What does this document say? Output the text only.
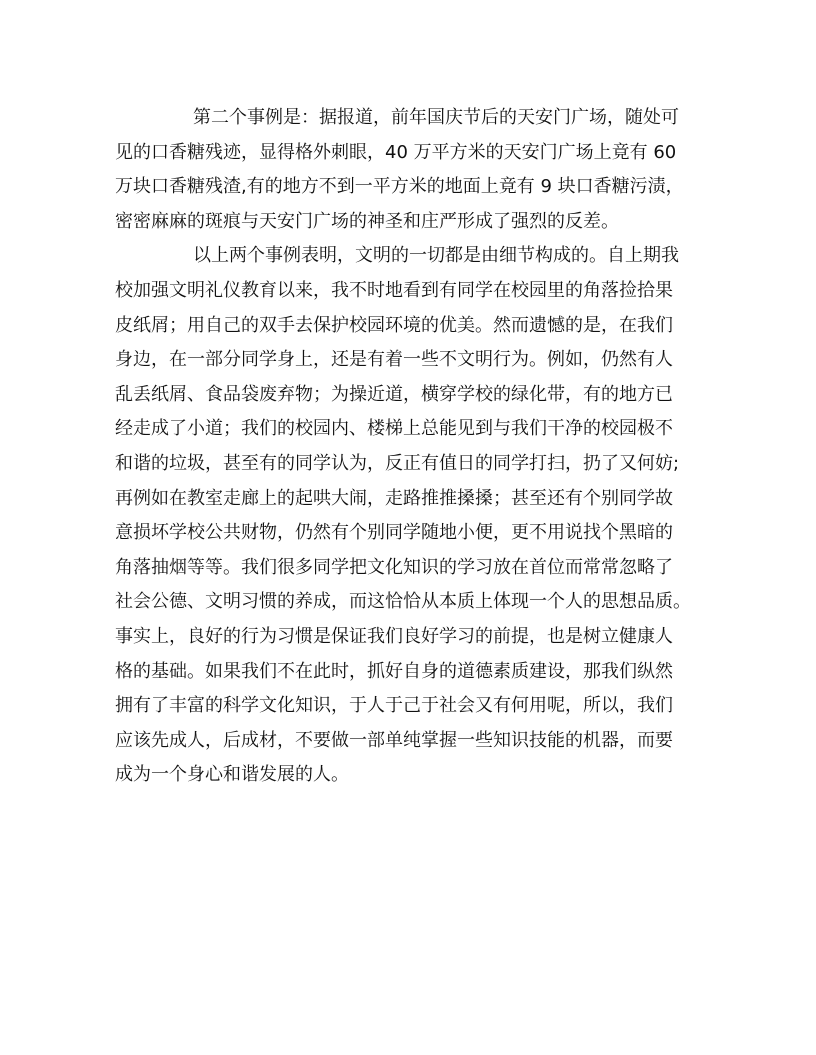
第二个事例是：据报道，前年国庆节后的天安门广场，随处可
见的口香糖残迹，显得格外刺眼，40 万平方米的天安门广场上竟有 60
万块口香糖残渣,有的地方不到一平方米的地面上竟有 9 块口香糖污渍，
密密麻麻的斑痕与天安门广场的神圣和庄严形成了强烈的反差。

以上两个事例表明，文明的一切都是由细节构成的。自上期我
校加强文明礼仪教育以来，我不时地看到有同学在校园里的角落捡拾果
皮纸屑；用自己的双手去保护校园环境的优美。然而遗憾的是，在我们
身边，在一部分同学身上，还是有着一些不文明行为。例如，仍然有人
乱丢纸屑、食品袋废弃物；为操近道，横穿学校的绿化带，有的地方已
经走成了小道；我们的校园内、楼梯上总能见到与我们干净的校园极不
和谐的垃圾，甚至有的同学认为，反正有值日的同学打扫，扔了又何妨;
再例如在教室走廊上的起哄大闹，走路推推搡搡；甚至还有个别同学故
意损坏学校公共财物，仍然有个别同学随地小便，更不用说找个黑暗的
角落抽烟等等。我们很多同学把文化知识的学习放在首位而常常忽略了
社会公德、文明习惯的养成，而这恰恰从本质上体现一个人的思想品质。
事实上，良好的行为习惯是保证我们良好学习的前提，也是树立健康人
格的基础。如果我们不在此时，抓好自身的道德素质建设，那我们纵然
拥有了丰富的科学文化知识，于人于己于社会又有何用呢，所以，我们
应该先成人，后成材，不要做一部单纯掌握一些知识技能的机器，而要
成为一个身心和谐发展的人。
